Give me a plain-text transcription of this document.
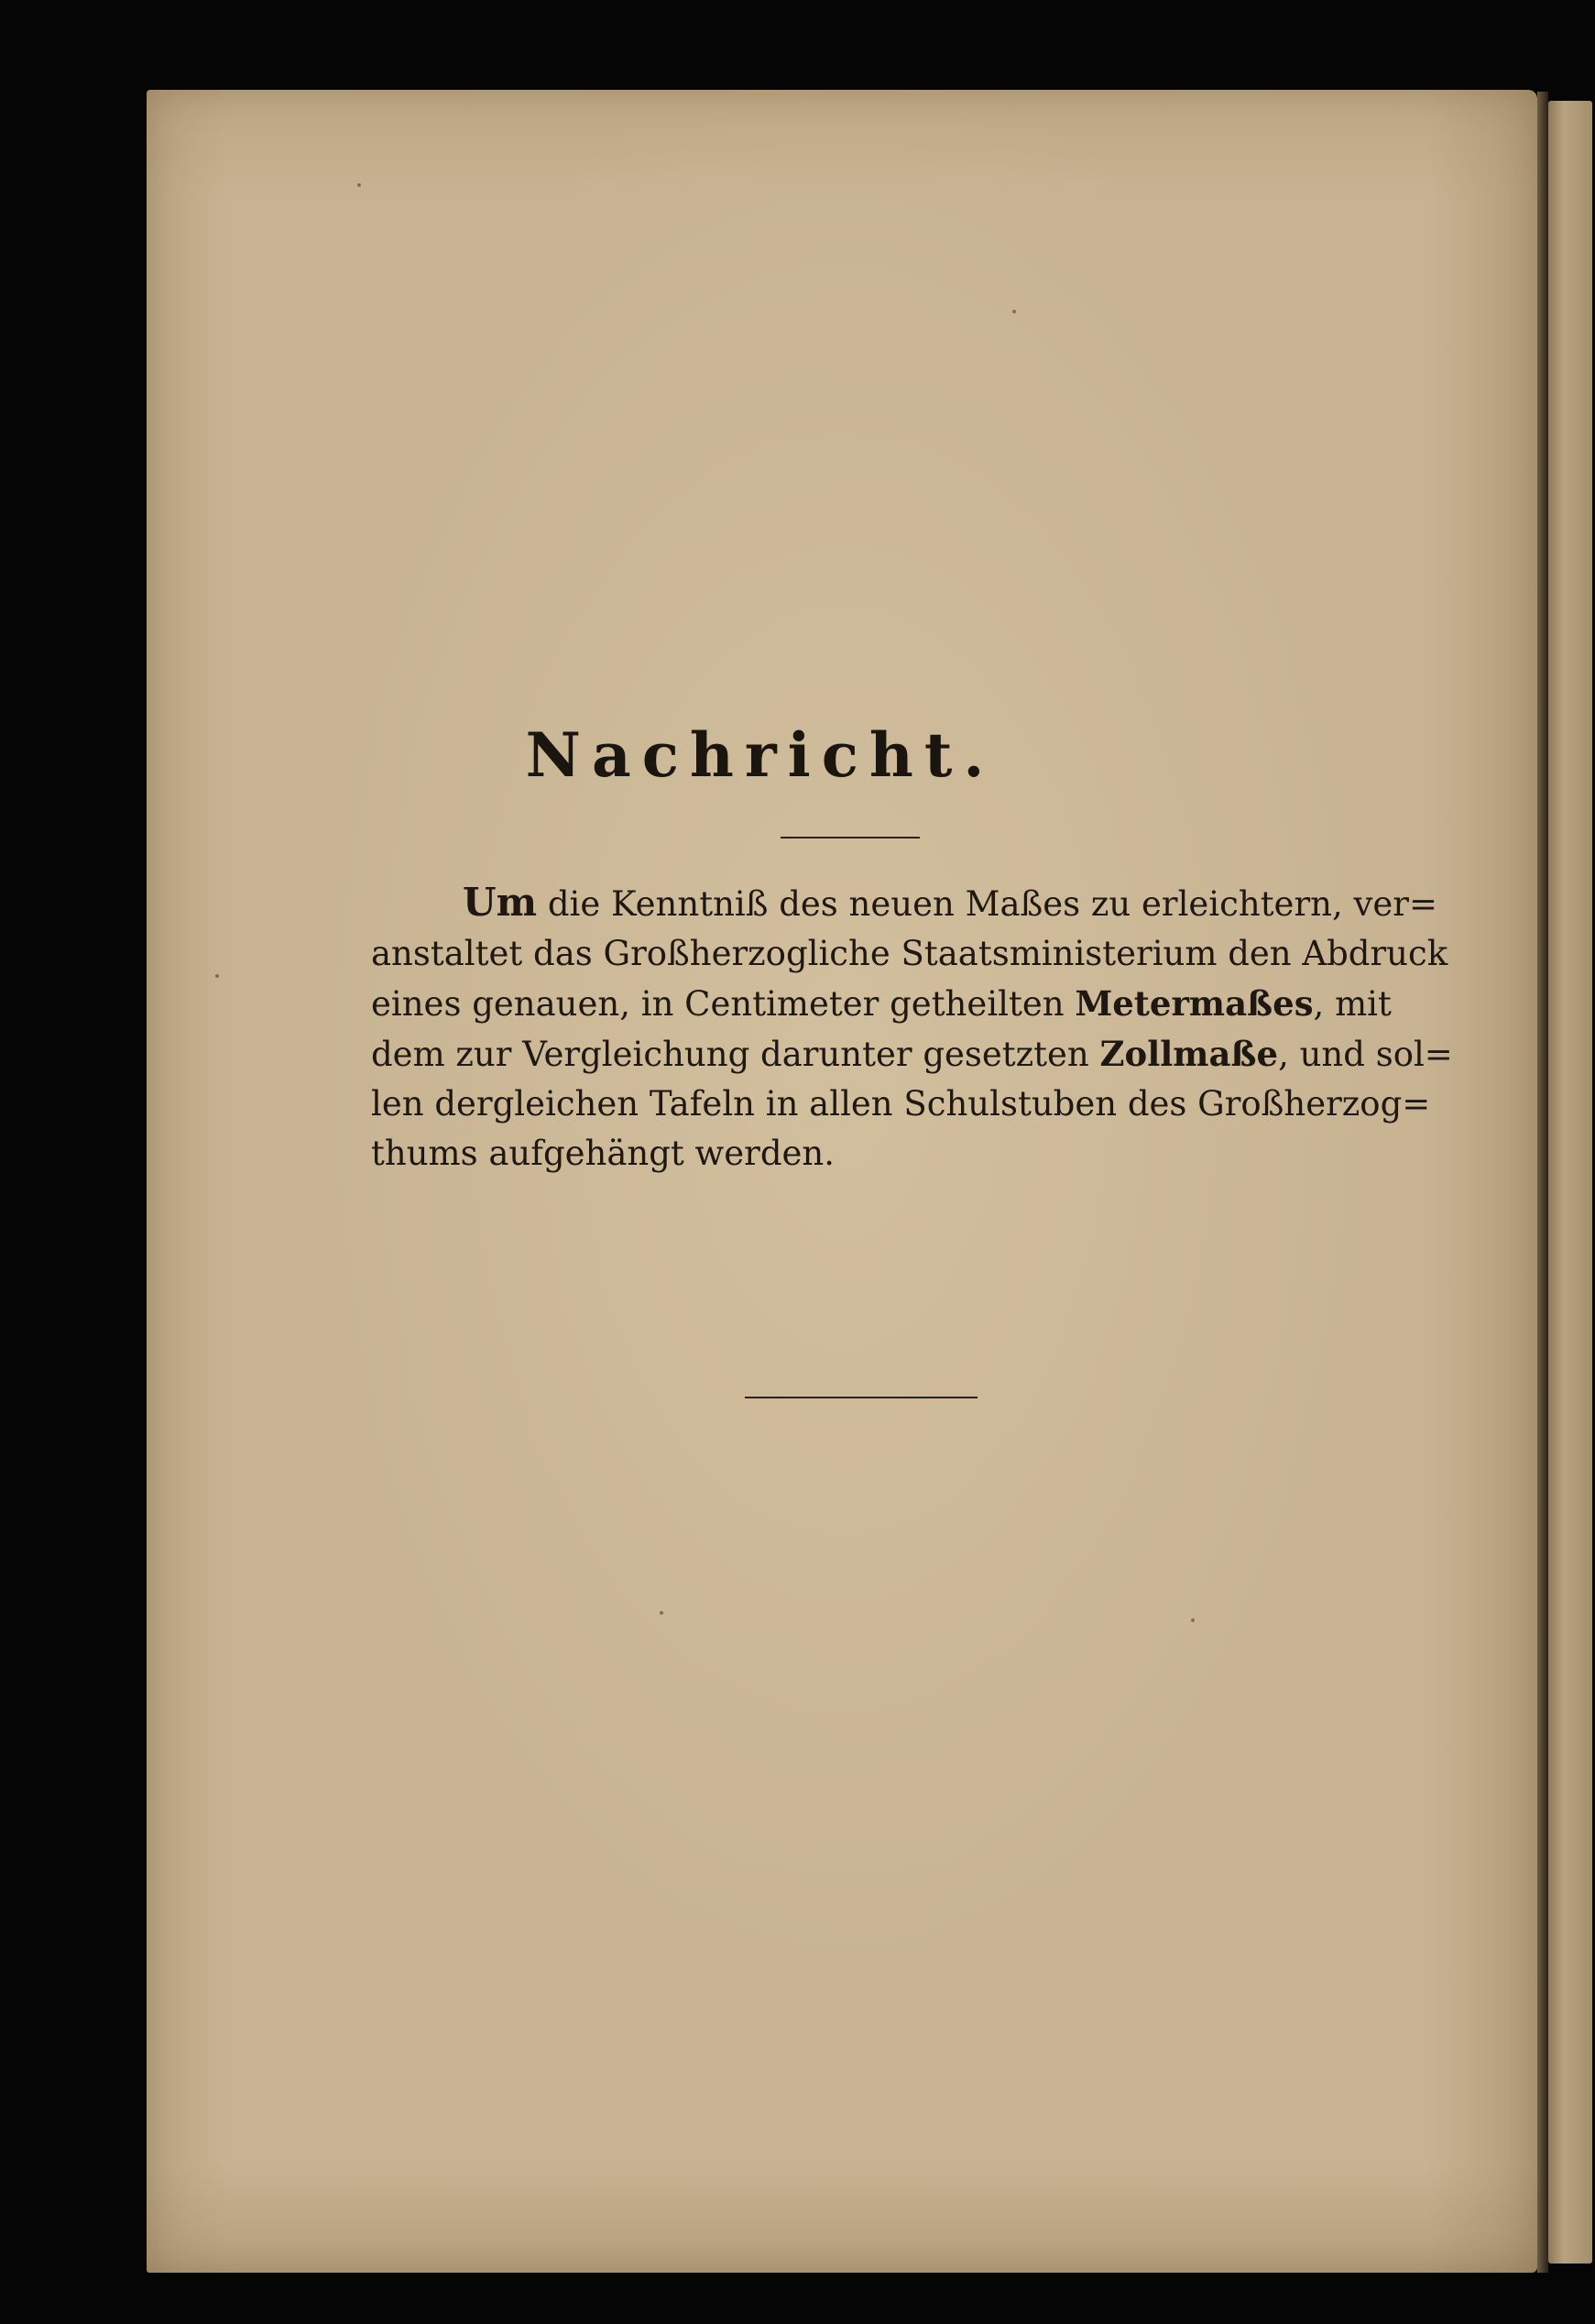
Nachricht.

Um die Kenntniß des neuen Maßes zu erleichtern, ver=
anstaltet das Großherzogliche Staatsministerium den Abdruck
eines genauen, in Centimeter getheilten Metermaßes, mit
dem zur Vergleichung darunter gesetzten Zollmaße, und sol=
len dergleichen Tafeln in allen Schulstuben des Großherzog=
thums aufgehängt werden.
